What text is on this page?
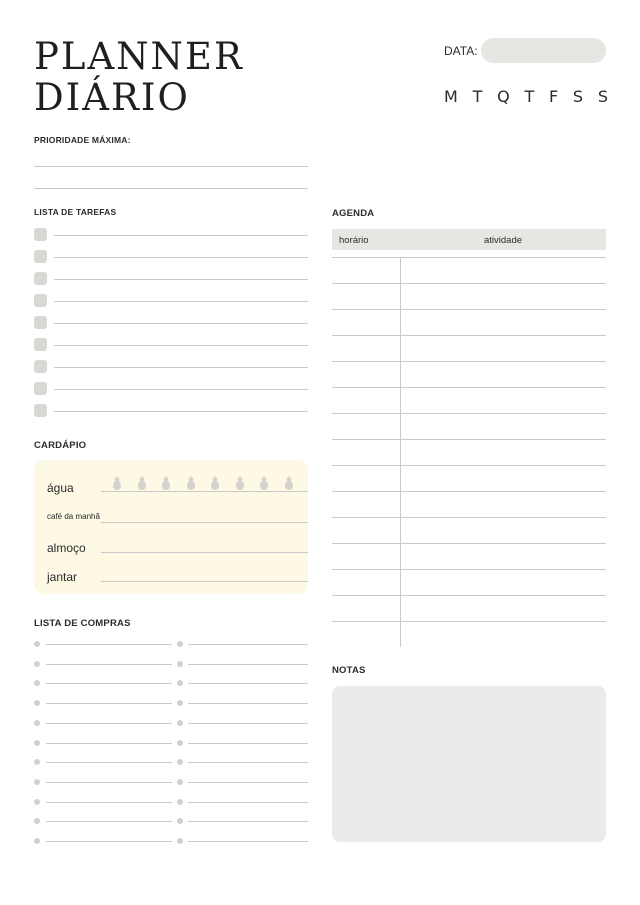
PLANNER
DIÁRIO
DATA:
M T Q T F S S
PRIORIDADE MÁXIMA:
LISTA DE TAREFAS
CARDÁPIO
água
café da manhã
almoço
jantar
LISTA DE COMPRAS
AGENDA
horário	atividade
NOTAS
